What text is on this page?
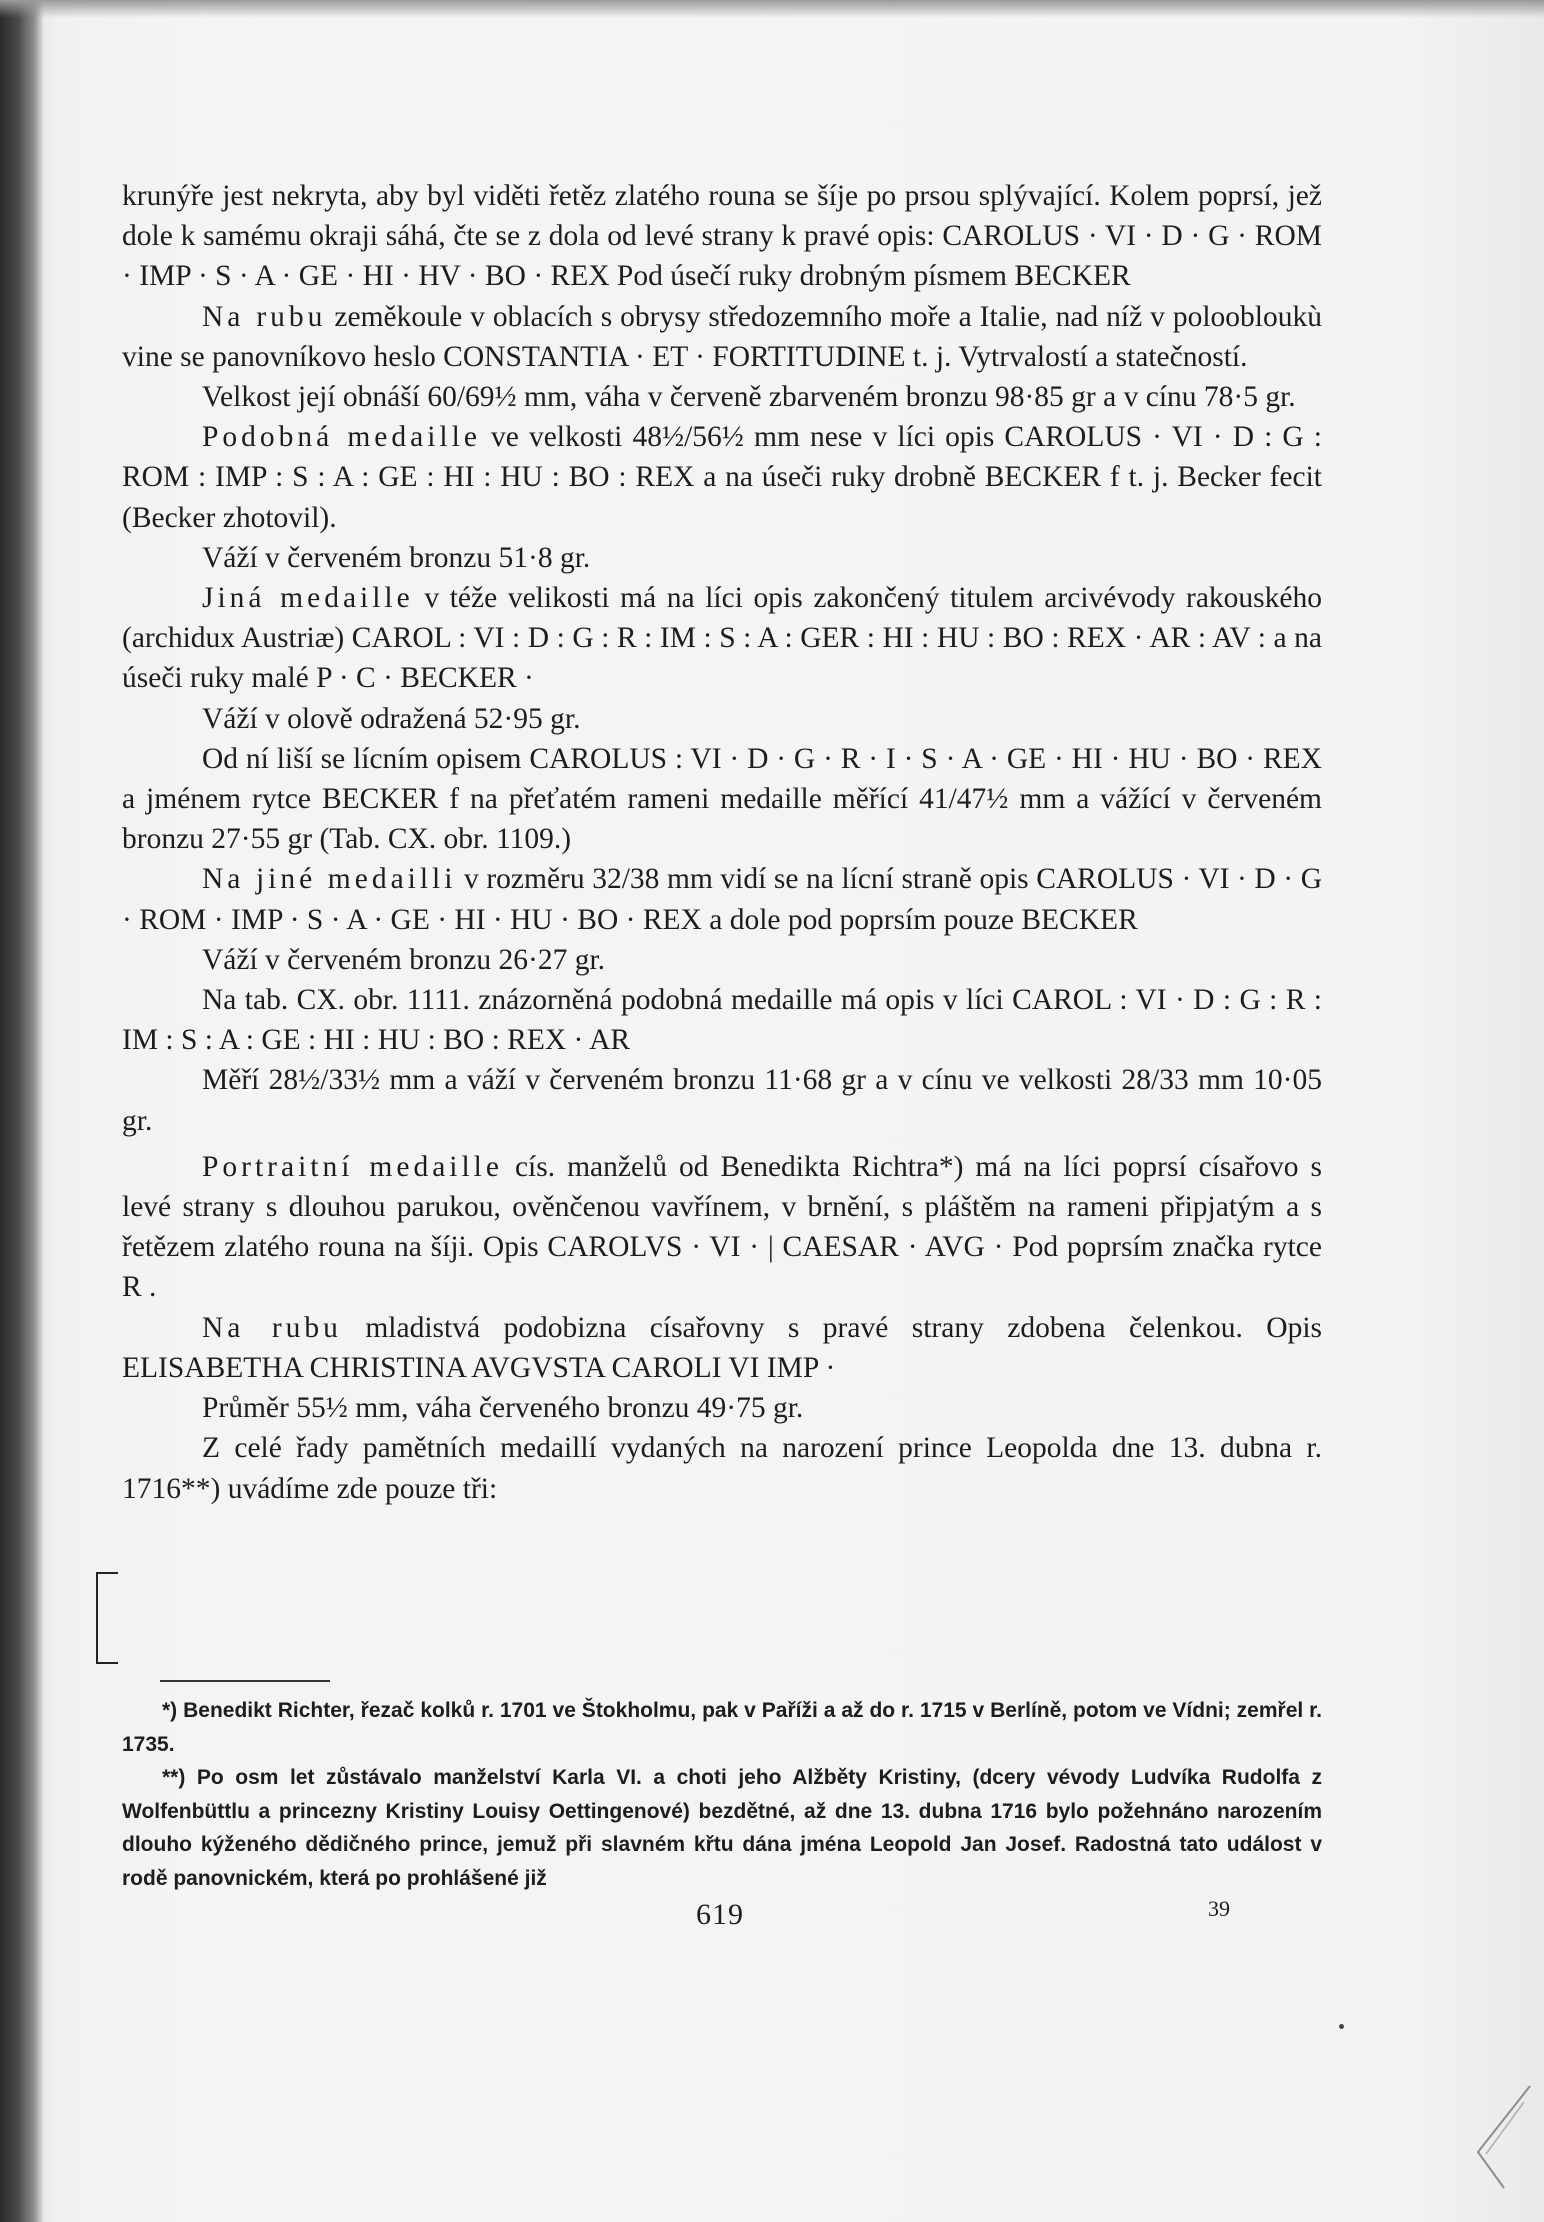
krunýře jest nekryta, aby byl viděti řetěz zlatého rouna se šíje po prsou splývající. Kolem poprsí, jež dole k samému okraji sáhá, čte se z dola od levé strany k pravé opis: CAROLUS · VI · D · G · ROM · IMP · S · A · GE · HI · HV · BO · REX Pod úsečí ruky drobným písmem BECKER

Na rubu zeměkoule v oblacích s obrysy středozemního moře a Italie, nad níž v poloobloukù vine se panovníkovo heslo CONSTANTIA · ET · FORTITUDINE t. j. Vytrvalostí a statečností.

Velkost její obnáší 60/69½ mm, váha v červeně zbarveném bronzu 98·85 gr a v cínu 78·5 gr.

Podobná medaille ve velkosti 48½/56½ mm nese v líci opis CAROLUS · VI · D : G : ROM : IMP : S : A : GE : HI : HU : BO : REX a na úseči ruky drobně BECKER f t. j. Becker fecit (Becker zhotovil).

Váží v červeném bronzu 51·8 gr.

Jiná medaille v téže velikosti má na líci opis zakončený titulem arcivévody rakouského (archidux Austriæ) CAROL : VI : D : G : R : IM : S : A : GER : HI : HU : BO : REX · AR : AV : a na úseči ruky malé P · C · BECKER ·

Váží v olově odražená 52·95 gr.

Od ní liší se lícním opisem CAROLUS : VI · D · G · R · I · S · A · GE · HI · HU · BO · REX a jménem rytce BECKER f na přeťatém rameni medaille měřící 41/47½ mm a vážící v červeném bronzu 27·55 gr (Tab. CX. obr. 1109.)

Na jiné medailli v rozměru 32/38 mm vidí se na lícní straně opis CAROLUS · VI · D · G · ROM · IMP · S · A · GE · HI · HU · BO · REX a dole pod poprsím pouze BECKER

Váží v červeném bronzu 26·27 gr.

Na tab. CX. obr. 1111. znázorněná podobná medaille má opis v líci CAROL : VI · D : G : R : IM : S : A : GE : HI : HU : BO : REX · AR

Měří 28½/33½ mm a váží v červeném bronzu 11·68 gr a v cínu ve velkosti 28/33 mm 10·05 gr.

Portraitní medaille cís. manželů od Benedikta Richtra*) má na líci poprsí císařovo s levé strany s dlouhou parukou, ověnčenou vavřínem, v brnění, s pláštěm na rameni připjatým a s řetězem zlatého rouna na šíji. Opis CAROLVS · VI · | CAESAR · AVG · Pod poprsím značka rytce R .

Na rubu mladistvá podobizna císařovny s pravé strany zdobena čelenkou. Opis ELISABETHA CHRISTINA AVGVSTA CAROLI VI IMP ·

Průměr 55½ mm, váha červeného bronzu 49·75 gr.

Z celé řady pamětních medaillí vydaných na narození prince Leopolda dne 13. dubna r. 1716**) uvádíme zde pouze tři:

*) Benedikt Richter, řezač kolků r. 1701 ve Štokholmu, pak v Paříži a až do r. 1715 v Berlíně, potom ve Vídni; zemřel r. 1735.

**) Po osm let zůstávalo manželství Karla VI. a choti jeho Alžběty Kristiny, (dcery vévody Ludvíka Rudolfa z Wolfenbüttlu a princezny Kristiny Louisy Oettingenové) bezdětné, až dne 13. dubna 1716 bylo požehnáno narozením dlouho kýženého dědičného prince, jemuž při slavném křtu dána jména Leopold Jan Josef. Radostná tato událost v rodě panovnickém, která po prohlášené již

619	39
